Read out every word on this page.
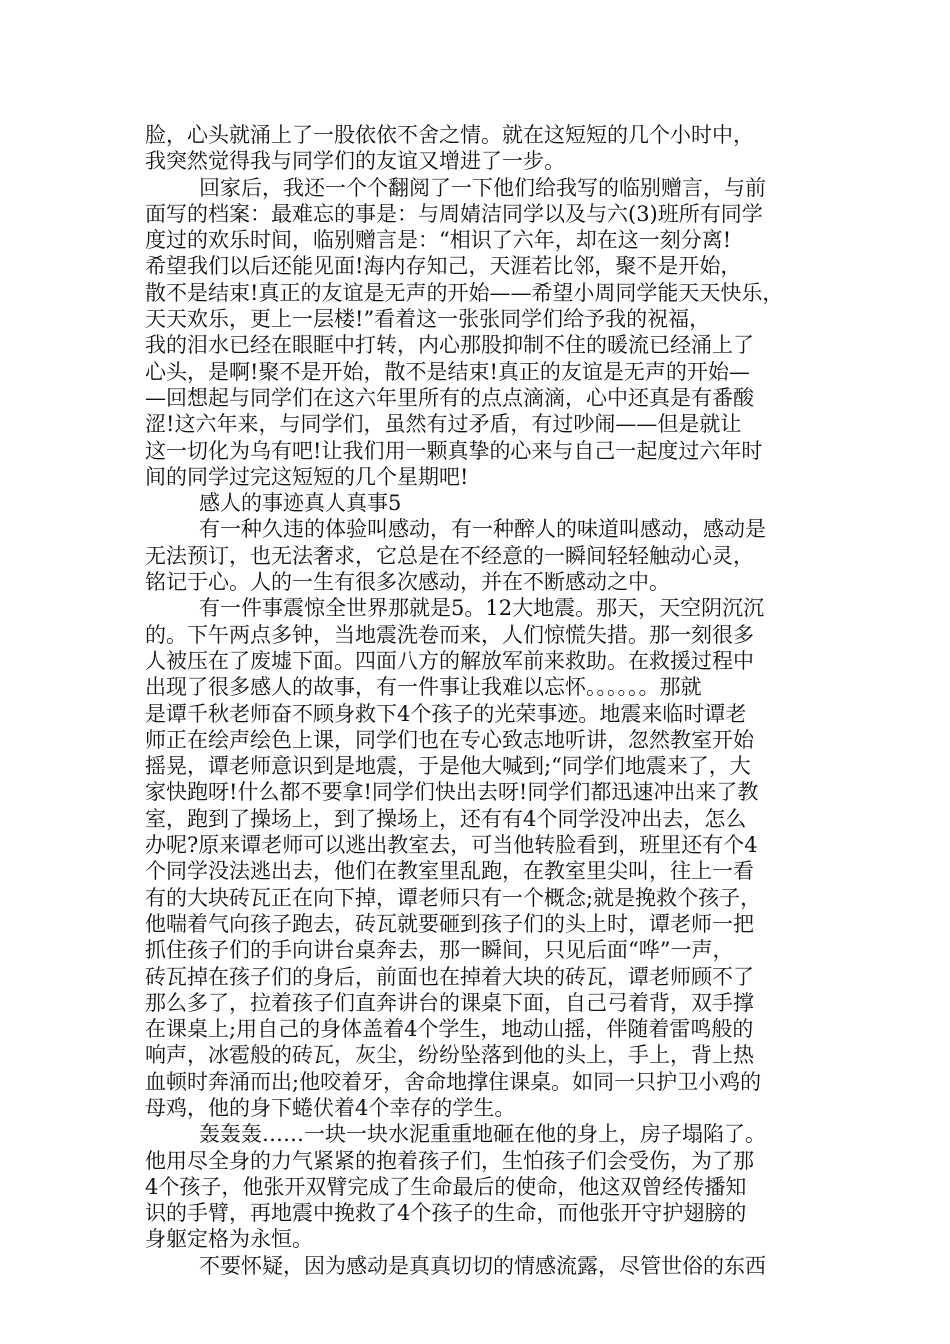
脸，心头就涌上了一股依依不舍之情。就在这短短的几个小时中，
我突然觉得我与同学们的友谊又增进了一步。
回家后，我还一个个翻阅了一下他们给我写的临别赠言，与前
面写的档案：最难忘的事是：与周婧洁同学以及与六(3)班所有同学
度过的欢乐时间，临别赠言是：“相识了六年，却在这一刻分离!
希望我们以后还能见面!海内存知己，天涯若比邻，聚不是开始，
散不是结束!真正的友谊是无声的开始——希望小周同学能天天快乐，
天天欢乐，更上一层楼!”看着这一张张同学们给予我的祝福，
我的泪水已经在眼眶中打转，内心那股抑制不住的暖流已经涌上了
心头，是啊!聚不是开始，散不是结束!真正的友谊是无声的开始—
—回想起与同学们在这六年里所有的点点滴滴，心中还真是有番酸
涩!这六年来，与同学们，虽然有过矛盾，有过吵闹——但是就让
这一切化为乌有吧!让我们用一颗真挚的心来与自己一起度过六年时
间的同学过完这短短的几个星期吧!
感人的事迹真人真事5
有一种久违的体验叫感动，有一种醉人的味道叫感动，感动是
无法预订，也无法奢求，它总是在不经意的一瞬间轻轻触动心灵，
铭记于心。人的一生有很多次感动，并在不断感动之中。
有一件事震惊全世界那就是5。12大地震。那天，天空阴沉沉
的。下午两点多钟，当地震洗卷而来，人们惊慌失措。那一刻很多
人被压在了废墟下面。四面八方的解放军前来救助。在救援过程中
出现了很多感人的故事，有一件事让我难以忘怀。。。。。。那就
是谭千秋老师奋不顾身救下4个孩子的光荣事迹。地震来临时谭老
师正在绘声绘色上课，同学们也在专心致志地听讲，忽然教室开始
摇晃，谭老师意识到是地震，于是他大喊到;“同学们地震来了，大
家快跑呀!什么都不要拿!同学们快出去呀!同学们都迅速冲出来了教
室，跑到了操场上，到了操场上，还有有4个同学没冲出去，怎么
办呢?原来谭老师可以逃出教室去，可当他转脸看到，班里还有个4
个同学没法逃出去，他们在教室里乱跑，在教室里尖叫，往上一看
有的大块砖瓦正在向下掉，谭老师只有一个概念;就是挽救个孩子，
他喘着气向孩子跑去，砖瓦就要砸到孩子们的头上时，谭老师一把
抓住孩子们的手向讲台桌奔去，那一瞬间，只见后面“哗”一声，
砖瓦掉在孩子们的身后，前面也在掉着大块的砖瓦，谭老师顾不了
那么多了，拉着孩子们直奔讲台的课桌下面，自己弓着背，双手撑
在课桌上;用自己的身体盖着4个学生，地动山摇，伴随着雷鸣般的
响声，冰雹般的砖瓦，灰尘，纷纷坠落到他的头上，手上，背上热
血顿时奔涌而出;他咬着牙，舍命地撑住课桌。如同一只护卫小鸡的
母鸡，他的身下蜷伏着4个幸存的学生。
轰轰轰……一块一块水泥重重地砸在他的身上，房子塌陷了。
他用尽全身的力气紧紧的抱着孩子们，生怕孩子们会受伤，为了那
4个孩子，他张开双臂完成了生命最后的使命，他这双曾经传播知
识的手臂，再地震中挽救了4个孩子的生命，而他张开守护翅膀的
身躯定格为永恒。
不要怀疑，因为感动是真真切切的情感流露，尽管世俗的东西
